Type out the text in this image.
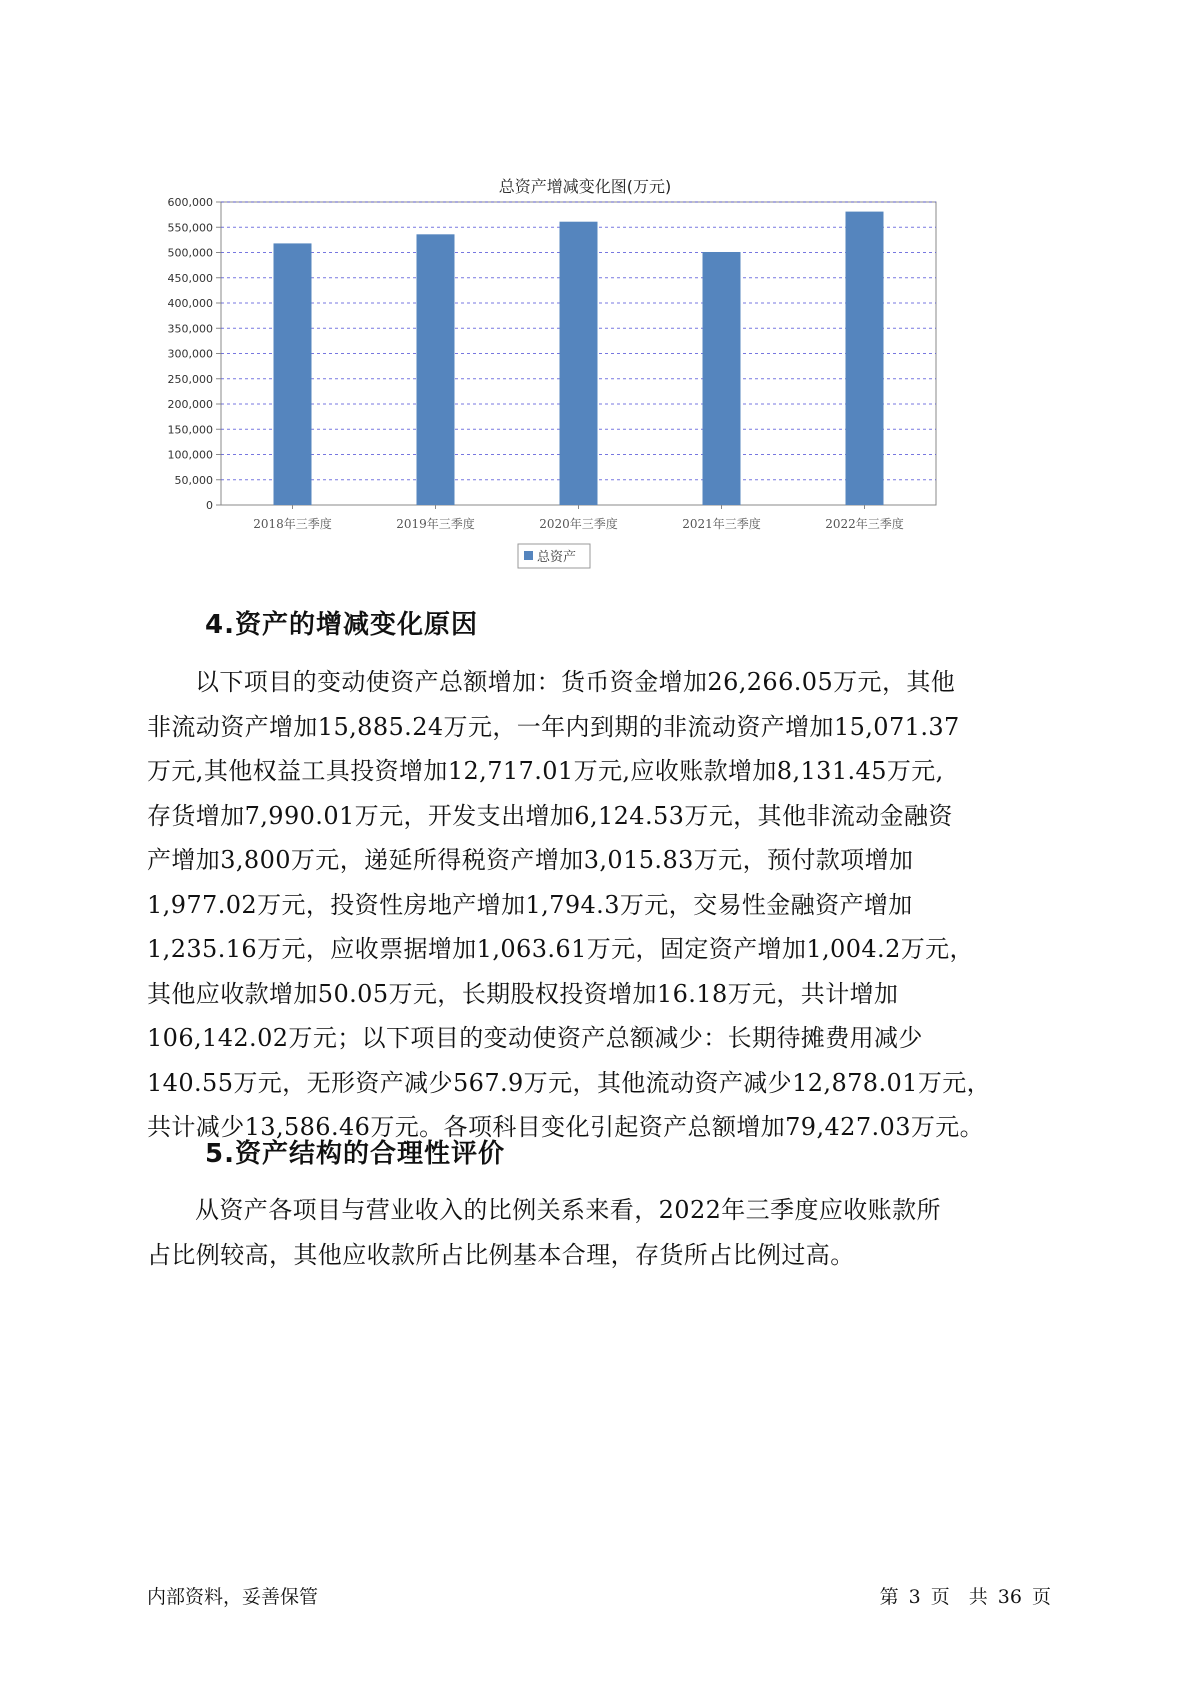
0
50,000
100,000
150,000
200,000
250,000
300,000
350,000
400,000
450,000
500,000
550,000
600,000
2018年三季度	2019年三季度	2020年三季度	2021年三季度	2022年三季度
总资产
总资产增减变化图(万元)
4.资产的增减变化原因
以下项目的变动使资产总额增加：货币资金增加26,266.05万元，其他
非流动资产增加15,885.24万元，一年内到期的非流动资产增加15,071.37
万元,其他权益工具投资增加12,717.01万元,应收账款增加8,131.45万元,
存货增加7,990.01万元，开发支出增加6,124.53万元，其他非流动金融资
产增加3,800万元，递延所得税资产增加3,015.83万元，预付款项增加
1,977.02万元，投资性房地产增加1,794.3万元，交易性金融资产增加
1,235.16万元，应收票据增加1,063.61万元，固定资产增加1,004.2万元，
其他应收款增加50.05万元，长期股权投资增加16.18万元，共计增加
106,142.02万元；以下项目的变动使资产总额减少：长期待摊费用减少
140.55万元，无形资产减少567.9万元，其他流动资产减少12,878.01万元，
共计减少13,586.46万元。各项科目变化引起资产总额增加79,427.03万元。
5.资产结构的合理性评价
从资产各项目与营业收入的比例关系来看，2022年三季度应收账款所
占比例较高，其他应收款所占比例基本合理，存货所占比例过高。
内部资料，妥善保管	第 3 页　共 36 页
